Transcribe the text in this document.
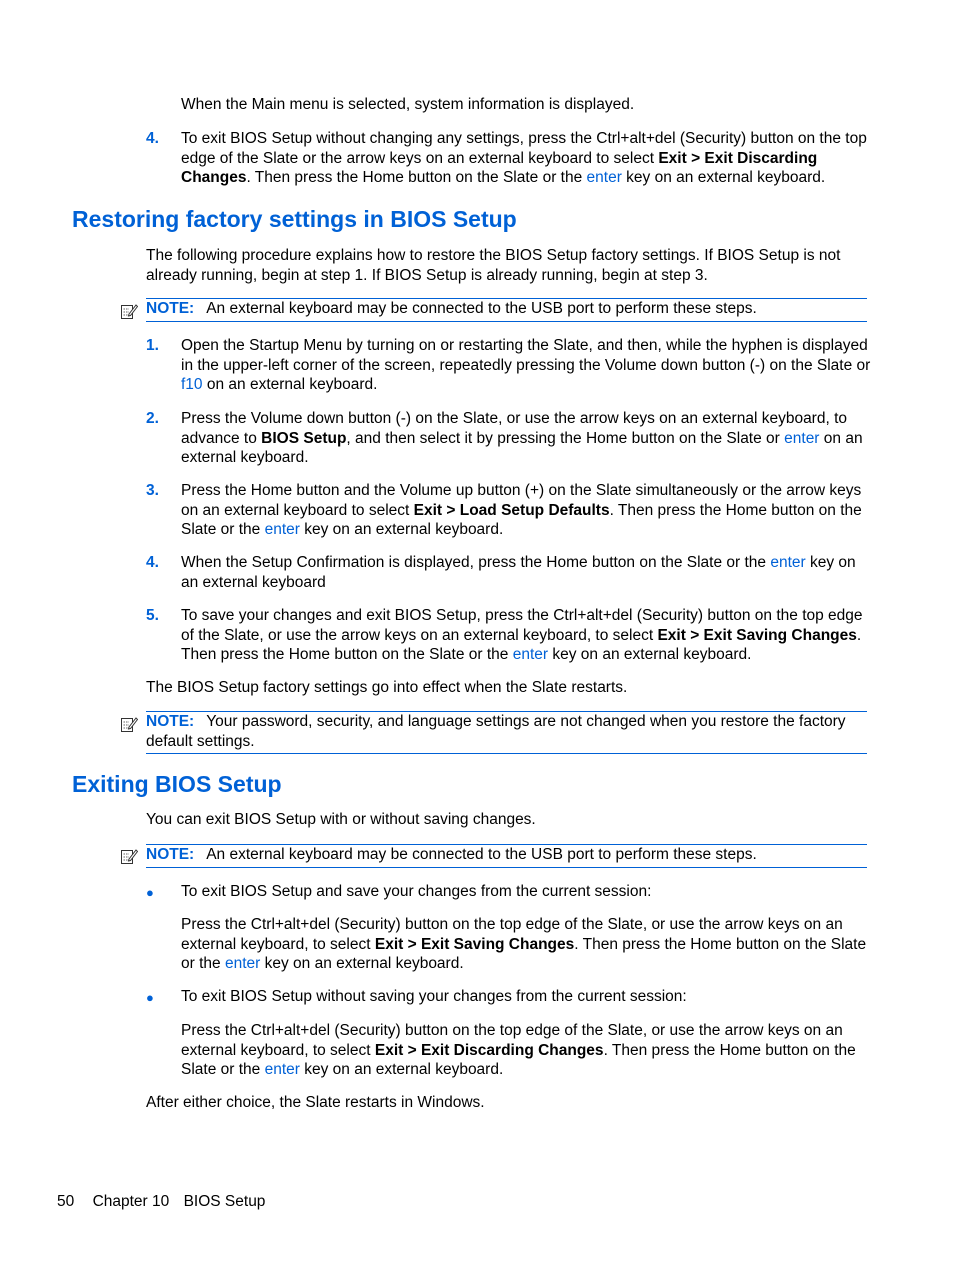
When the Main menu is selected, system information is displayed.
4. To exit BIOS Setup without changing any settings, press the Ctrl+alt+del (Security) button on the top edge of the Slate or the arrow keys on an external keyboard to select Exit > Exit Discarding Changes. Then press the Home button on the Slate or the enter key on an external keyboard.
Restoring factory settings in BIOS Setup
The following procedure explains how to restore the BIOS Setup factory settings. If BIOS Setup is not already running, begin at step 1. If BIOS Setup is already running, begin at step 3.
NOTE: An external keyboard may be connected to the USB port to perform these steps.
1. Open the Startup Menu by turning on or restarting the Slate, and then, while the hyphen is displayed in the upper-left corner of the screen, repeatedly pressing the Volume down button (-) on the Slate or f10 on an external keyboard.
2. Press the Volume down button (-) on the Slate, or use the arrow keys on an external keyboard, to advance to BIOS Setup, and then select it by pressing the Home button on the Slate or enter on an external keyboard.
3. Press the Home button and the Volume up button (+) on the Slate simultaneously or the arrow keys on an external keyboard to select Exit > Load Setup Defaults. Then press the Home button on the Slate or the enter key on an external keyboard.
4. When the Setup Confirmation is displayed, press the Home button on the Slate or the enter key on an external keyboard
5. To save your changes and exit BIOS Setup, press the Ctrl+alt+del (Security) button on the top edge of the Slate, or use the arrow keys on an external keyboard, to select Exit > Exit Saving Changes. Then press the Home button on the Slate or the enter key on an external keyboard.
The BIOS Setup factory settings go into effect when the Slate restarts.
NOTE: Your password, security, and language settings are not changed when you restore the factory default settings.
Exiting BIOS Setup
You can exit BIOS Setup with or without saving changes.
NOTE: An external keyboard may be connected to the USB port to perform these steps.
● To exit BIOS Setup and save your changes from the current session:
Press the Ctrl+alt+del (Security) button on the top edge of the Slate, or use the arrow keys on an external keyboard, to select Exit > Exit Saving Changes. Then press the Home button on the Slate or the enter key on an external keyboard.
● To exit BIOS Setup without saving your changes from the current session:
Press the Ctrl+alt+del (Security) button on the top edge of the Slate, or use the arrow keys on an external keyboard, to select Exit > Exit Discarding Changes. Then press the Home button on the Slate or the enter key on an external keyboard.
After either choice, the Slate restarts in Windows.
50 Chapter 10 BIOS Setup
